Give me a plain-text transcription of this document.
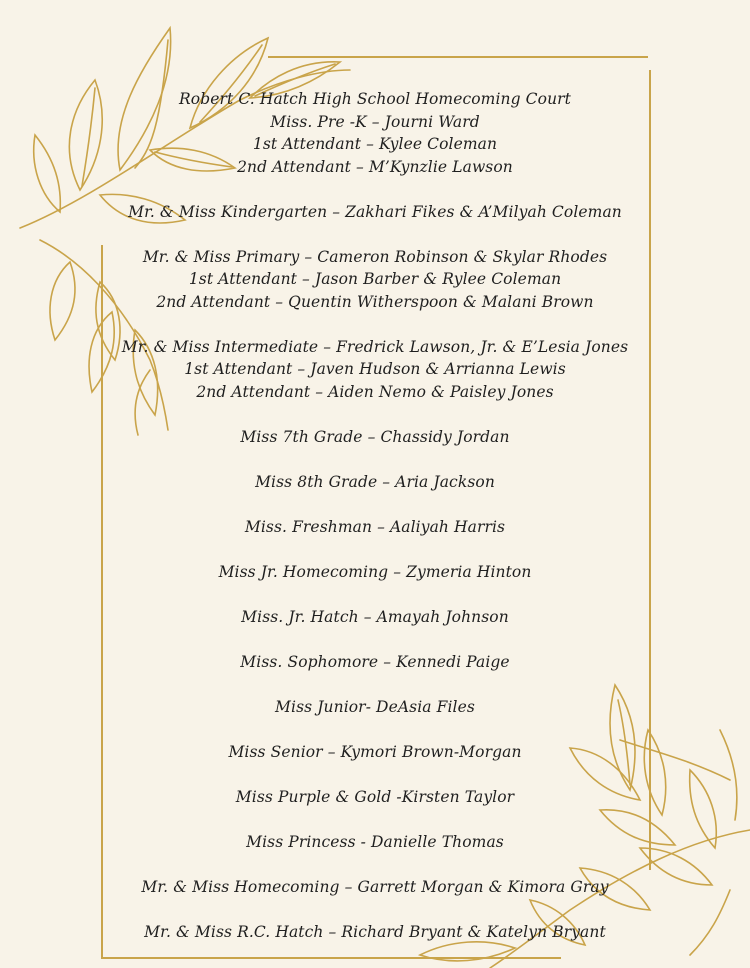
Robert C. Hatch High School Homecoming Court
Miss. Pre -K – Journi Ward
1st Attendant – Kylee Coleman
2nd Attendant – M’Kynzlie Lawson
Mr. & Miss Kindergarten – Zakhari Fikes & A’Milyah Coleman
Mr. & Miss Primary – Cameron Robinson & Skylar Rhodes
1st Attendant – Jason Barber & Rylee Coleman
2nd Attendant – Quentin Witherspoon & Malani Brown
Mr. & Miss Intermediate – Fredrick Lawson, Jr. & E’Lesia Jones
1st Attendant – Javen Hudson & Arrianna Lewis
2nd Attendant – Aiden Nemo & Paisley Jones
Miss 7th Grade – Chassidy Jordan
Miss 8th Grade – Aria Jackson
Miss. Freshman – Aaliyah Harris
Miss Jr. Homecoming – Zymeria Hinton
Miss. Jr. Hatch – Amayah Johnson
Miss. Sophomore – Kennedi Paige
Miss Junior- DeAsia Files
Miss Senior – Kymori Brown-Morgan
Miss Purple & Gold -Kirsten Taylor
Miss Princess - Danielle Thomas
Mr. & Miss Homecoming – Garrett Morgan & Kimora Gray
Mr. & Miss R.C. Hatch – Richard Bryant & Katelyn Bryant
